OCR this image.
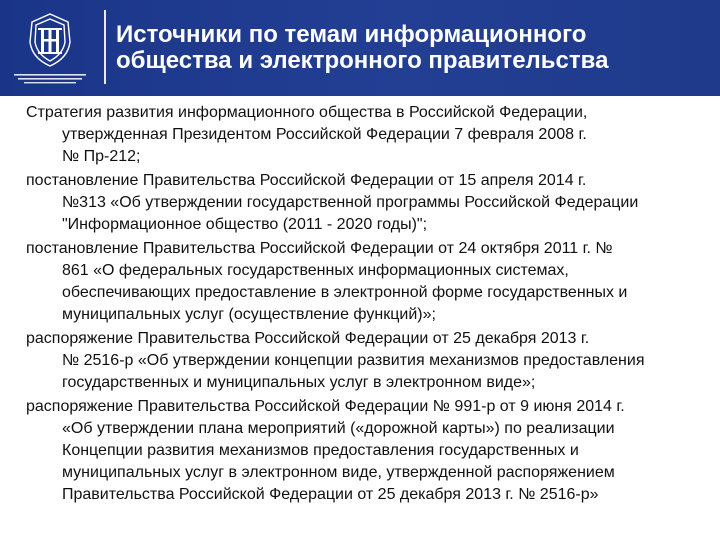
Источники по темам информационного
общества и электронного правительства
Стратегия развития информационного общества в Российской Федерации,
утвержденная Президентом Российской Федерации 7 февраля 2008 г.
№ Пр-212;
постановление Правительства Российской Федерации от 15 апреля 2014 г.
№313 «Об утверждении государственной программы Российской Федерации
"Информационное общество (2011 - 2020 годы)";
постановление Правительства Российской Федерации от 24 октября 2011 г. №
861 «О федеральных государственных информационных системах,
обеспечивающих предоставление в электронной форме государственных и
муниципальных услуг (осуществление функций)»;
распоряжение Правительства Российской Федерации от 25 декабря 2013 г.
№ 2516-р «Об утверждении концепции развития механизмов предоставления
государственных и муниципальных услуг в электронном виде»;
распоряжение Правительства Российской Федерации № 991-р от 9 июня 2014 г.
«Об утверждении плана мероприятий («дорожной карты») по реализации
Концепции развития механизмов предоставления государственных и
муниципальных услуг в электронном виде, утвержденной распоряжением
Правительства Российской Федерации от 25 декабря 2013 г. № 2516-р»
